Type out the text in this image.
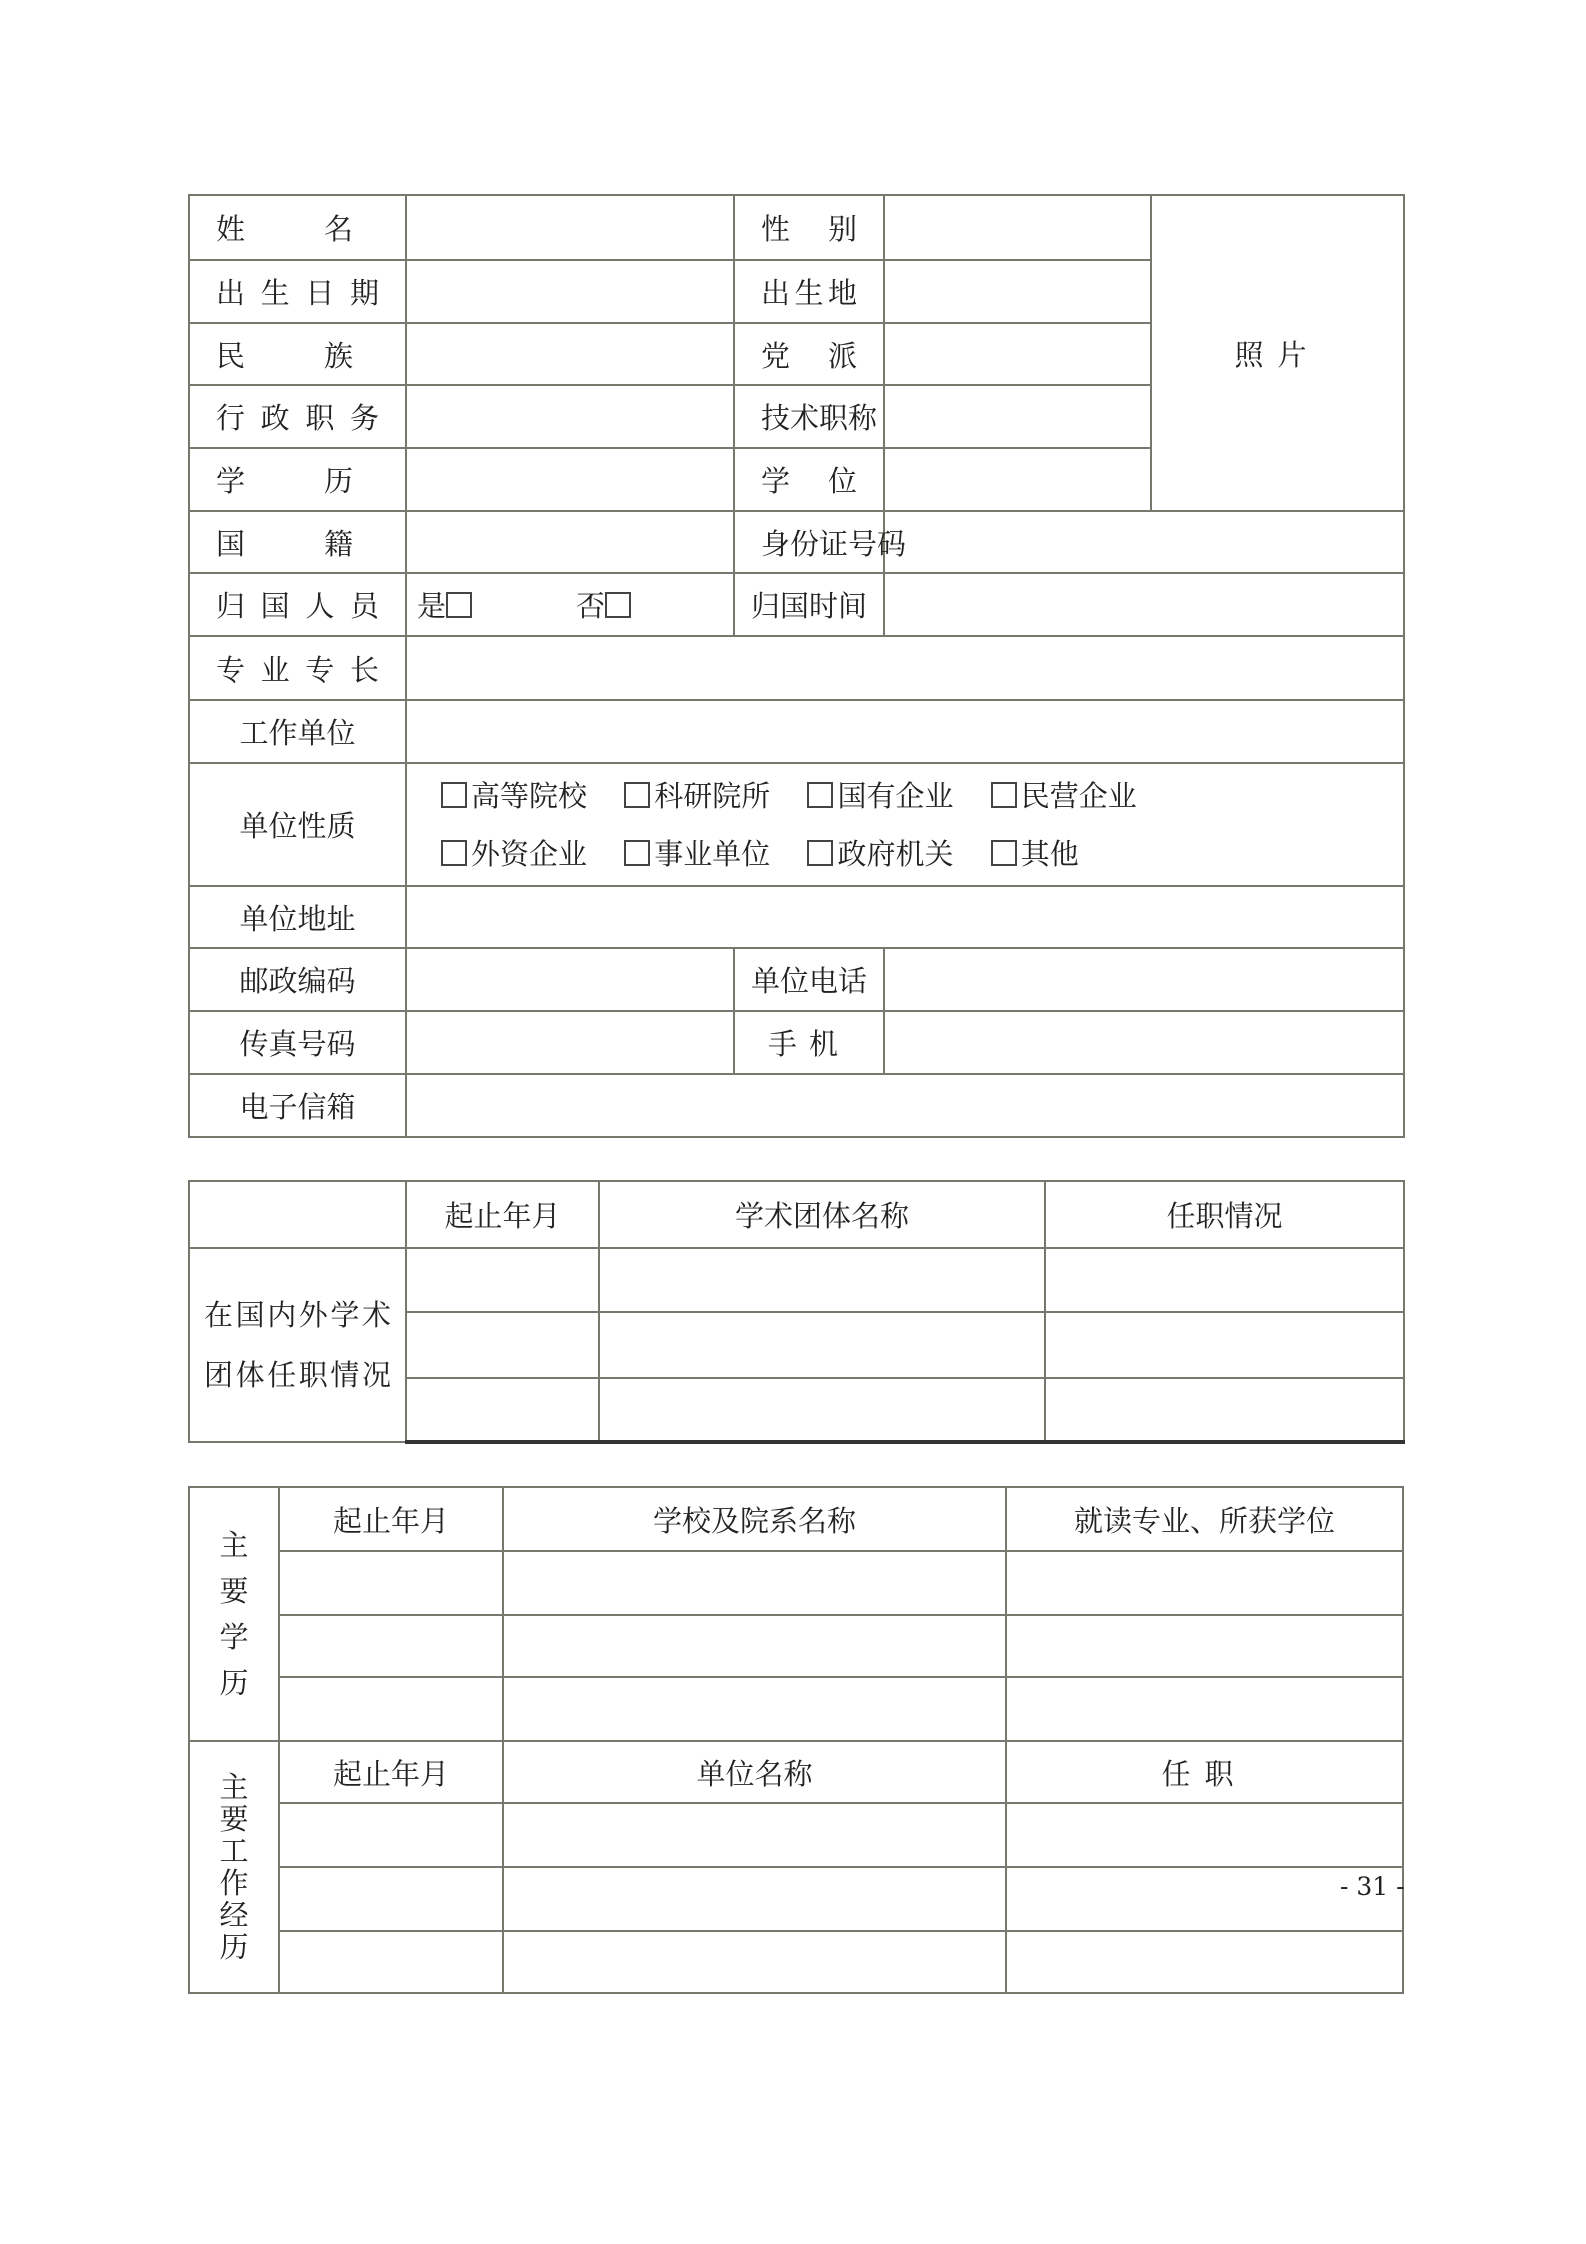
姓名		性别		照片
出生日期		出生地		
民族		党派		
行政职务		技术职称		
学历		学位		
国籍		身份证号码		
归国人员	是 否	归国时间		
专业专长				
工作单位				
单位性质	高等院校 科研院所 国有企业 民营企业
外资企业 事业单位 政府机关 其他			

单位地址				
邮政编码		单位电话		
传真号码		手机		
电子信箱				
	起止年月	学术团体名称	任职情况
在国内外学术团体任职情况			

主要学历	起止年月	学校及院系名称	就读专业、所获学位

主要工作经历	起止年月	单位名称	任职

- 31 -
